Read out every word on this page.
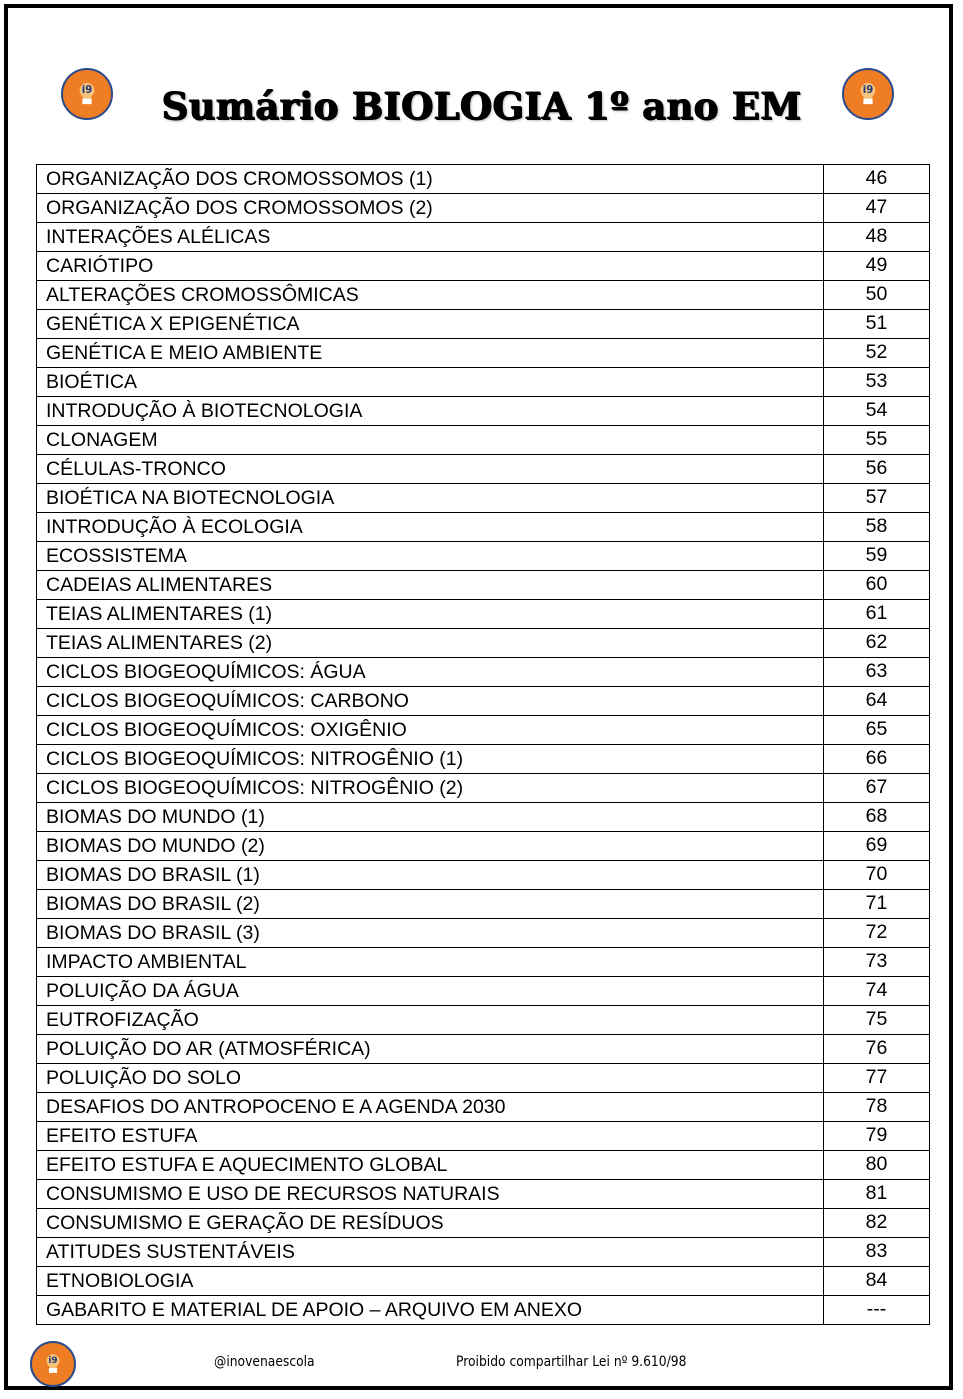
i9	i9
Sumário BIOLOGIA 1º ano EM
ORGANIZAÇÃO DOS CROMOSSOMOS (1)	46
ORGANIZAÇÃO DOS CROMOSSOMOS (2)	47
INTERAÇÕES ALÉLICAS	48
CARIÓTIPO	49
ALTERAÇÕES CROMOSSÔMICAS	50
GENÉTICA X EPIGENÉTICA	51
GENÉTICA E MEIO AMBIENTE	52
BIOÉTICA	53
INTRODUÇÃO À BIOTECNOLOGIA	54
CLONAGEM	55
CÉLULAS-TRONCO	56
BIOÉTICA NA BIOTECNOLOGIA	57
INTRODUÇÃO À ECOLOGIA	58
ECOSSISTEMA	59
CADEIAS ALIMENTARES	60
TEIAS ALIMENTARES (1)	61
TEIAS ALIMENTARES (2)	62
CICLOS BIOGEOQUÍMICOS: ÁGUA	63
CICLOS BIOGEOQUÍMICOS: CARBONO	64
CICLOS BIOGEOQUÍMICOS: OXIGÊNIO	65
CICLOS BIOGEOQUÍMICOS: NITROGÊNIO (1)	66
CICLOS BIOGEOQUÍMICOS: NITROGÊNIO (2)	67
BIOMAS DO MUNDO (1)	68
BIOMAS DO MUNDO (2)	69
BIOMAS DO BRASIL (1)	70
BIOMAS DO BRASIL (2)	71
BIOMAS DO BRASIL (3)	72
IMPACTO AMBIENTAL	73
POLUIÇÃO DA ÁGUA	74
EUTROFIZAÇÃO	75
POLUIÇÃO DO AR (ATMOSFÉRICA)	76
POLUIÇÃO DO SOLO	77
DESAFIOS DO ANTROPOCENO E A AGENDA 2030	78
EFEITO ESTUFA	79
EFEITO ESTUFA E AQUECIMENTO GLOBAL	80
CONSUMISMO E USO DE RECURSOS NATURAIS	81
CONSUMISMO E GERAÇÃO DE RESÍDUOS	82
ATITUDES SUSTENTÁVEIS	83
ETNOBIOLOGIA	84
GABARITO E MATERIAL DE APOIO – ARQUIVO EM ANEXO	---
i9	@inovenaescola	Proibido compartilhar Lei nº 9.610/98
